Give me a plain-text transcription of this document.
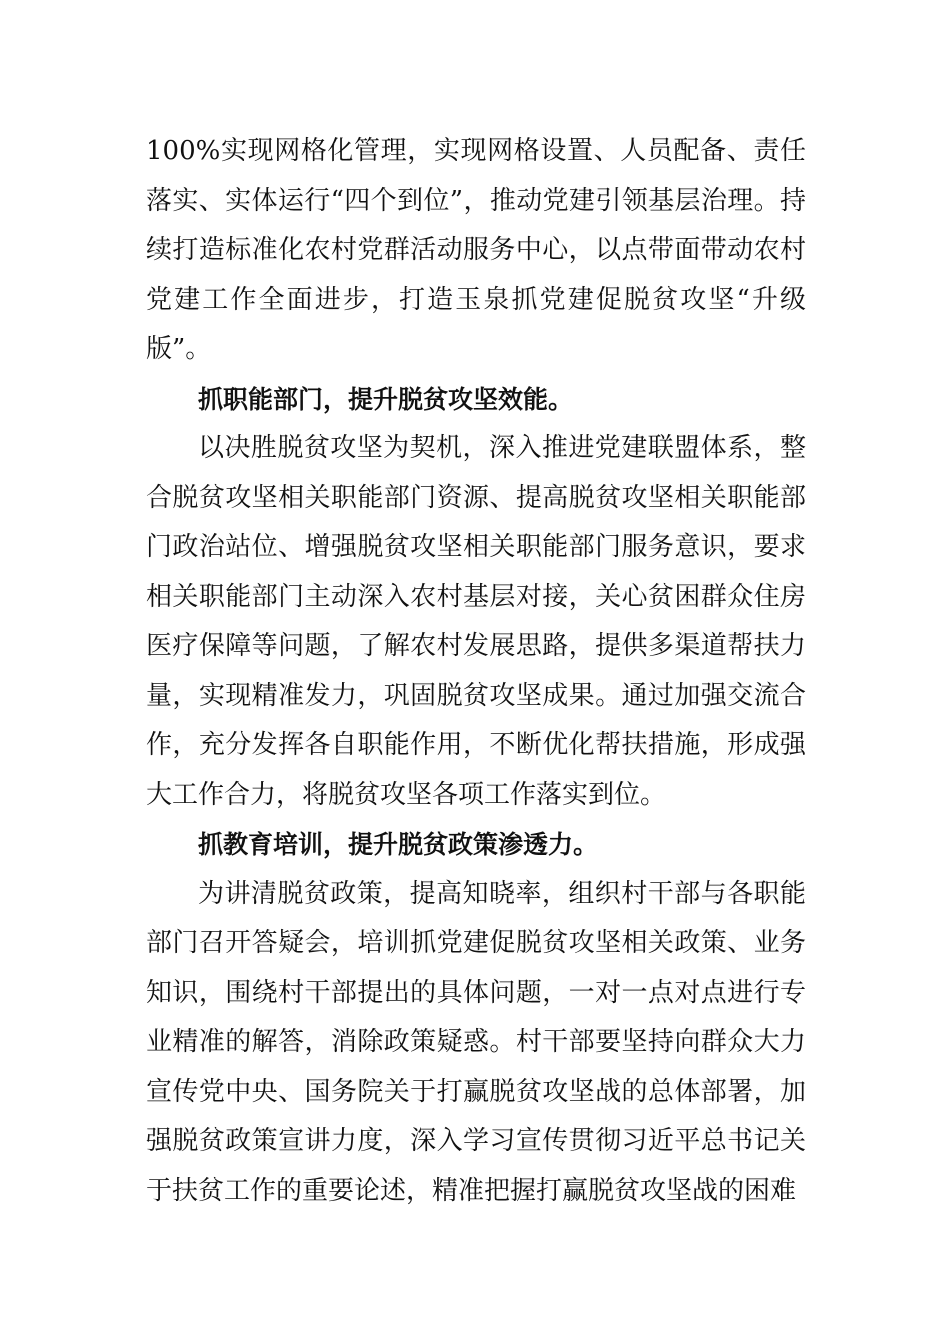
100%实现网格化管理，实现网格设置、人员配备、责任落实、实体运行“四个到位”，推动党建引领基层治理。持续打造标准化农村党群活动服务中心，以点带面带动农村党建工作全面进步，打造玉泉抓党建促脱贫攻坚“升级版”。

抓职能部门，提升脱贫攻坚效能。

以决胜脱贫攻坚为契机，深入推进党建联盟体系，整合脱贫攻坚相关职能部门资源、提高脱贫攻坚相关职能部门政治站位、增强脱贫攻坚相关职能部门服务意识，要求相关职能部门主动深入农村基层对接，关心贫困群众住房医疗保障等问题，了解农村发展思路，提供多渠道帮扶力量，实现精准发力，巩固脱贫攻坚成果。通过加强交流合作，充分发挥各自职能作用，不断优化帮扶措施，形成强大工作合力，将脱贫攻坚各项工作落实到位。

抓教育培训，提升脱贫政策渗透力。

为讲清脱贫政策，提高知晓率，组织村干部与各职能部门召开答疑会，培训抓党建促脱贫攻坚相关政策、业务知识，围绕村干部提出的具体问题，一对一点对点进行专业精准的解答，消除政策疑惑。村干部要坚持向群众大力宣传党中央、国务院关于打赢脱贫攻坚战的总体部署，加强脱贫政策宣讲力度，深入学习宣传贯彻习近平总书记关于扶贫工作的重要论述，精准把握打赢脱贫攻坚战的困难
